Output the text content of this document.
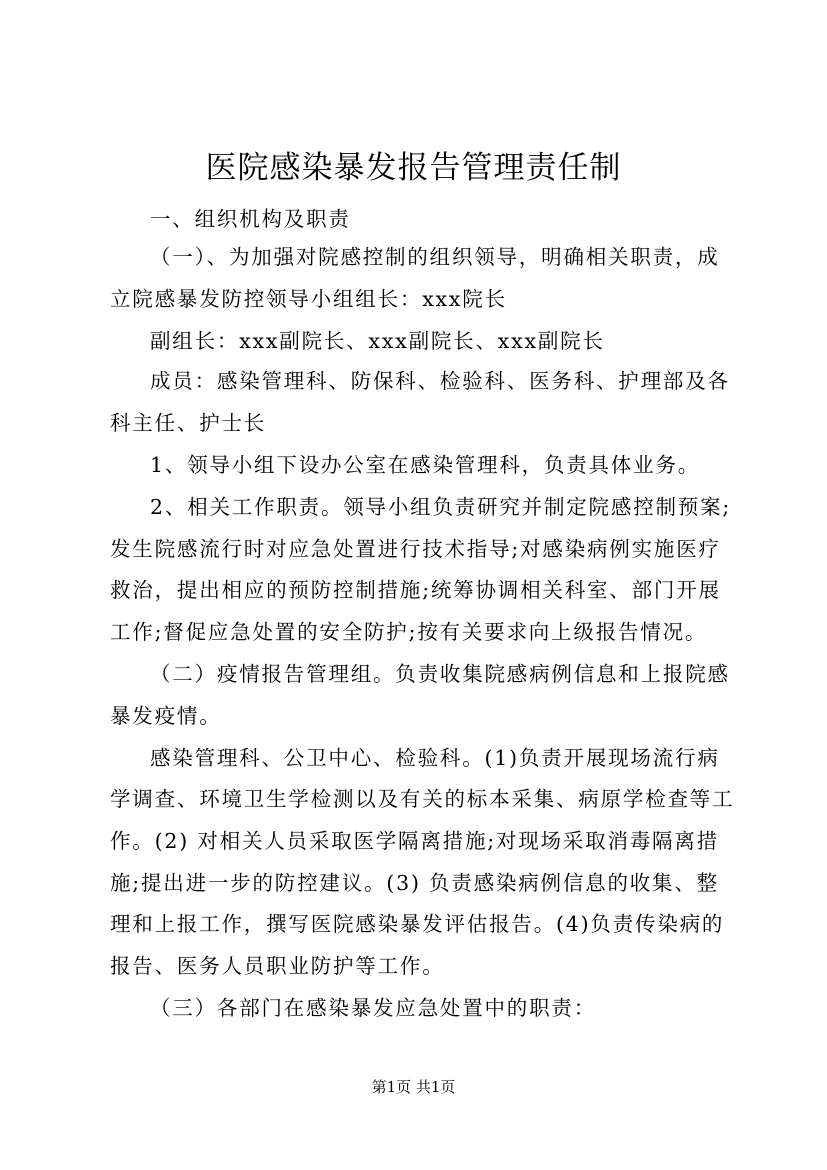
医院感染暴发报告管理责任制
一、组织机构及职责
（一）、为加强对院感控制的组织领导，明确相关职责，成
立院感暴发防控领导小组组长：xxx院长
副组长：xxx副院长、xxx副院长、xxx副院长
成员：感染管理科、防保科、检验科、医务科、护理部及各
科主任、护士长
1、领导小组下设办公室在感染管理科，负责具体业务。
2、相关工作职责。领导小组负责研究并制定院感控制预案;
发生院感流行时对应急处置进行技术指导;对感染病例实施医疗
救治，提出相应的预防控制措施;统筹协调相关科室、部门开展
工作;督促应急处置的安全防护;按有关要求向上级报告情况。
（二）疫情报告管理组。负责收集院感病例信息和上报院感
暴发疫情。
感染管理科、公卫中心、检验科。(1)负责开展现场流行病
学调查、环境卫生学检测以及有关的标本采集、病原学检查等工
作。(2) 对相关人员采取医学隔离措施;对现场采取消毒隔离措
施;提出进一步的防控建议。(3) 负责感染病例信息的收集、整
理和上报工作，撰写医院感染暴发评估报告。(4)负责传染病的
报告、医务人员职业防护等工作。
（三）各部门在感染暴发应急处置中的职责：
第1页 共1页
